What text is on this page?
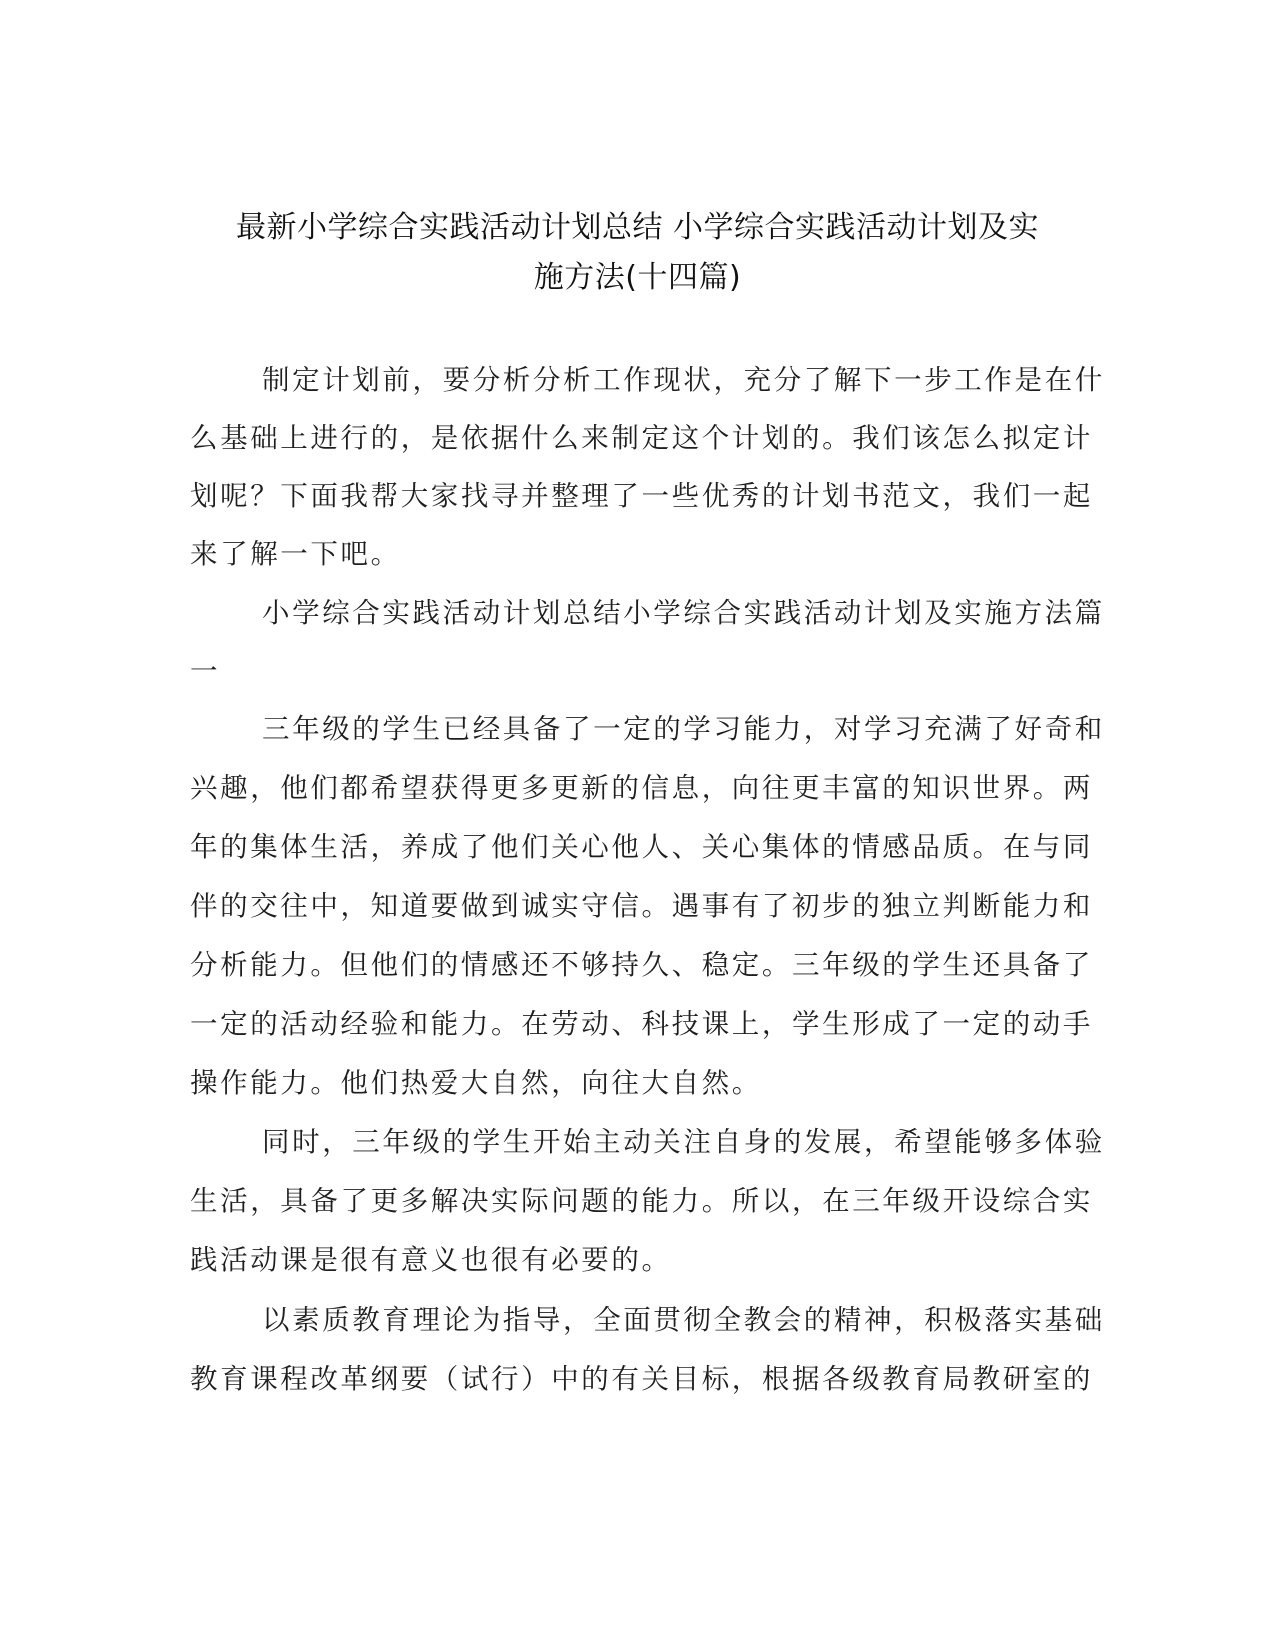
最新小学综合实践活动计划总结 小学综合实践活动计划及实
施方法(十四篇)
制定计划前，要分析分析工作现状，充分了解下一步工作是在什
么基础上进行的，是依据什么来制定这个计划的。我们该怎么拟定计
划呢？下面我帮大家找寻并整理了一些优秀的计划书范文，我们一起
来了解一下吧。
小学综合实践活动计划总结小学综合实践活动计划及实施方法篇
一
三年级的学生已经具备了一定的学习能力，对学习充满了好奇和
兴趣，他们都希望获得更多更新的信息，向往更丰富的知识世界。两
年的集体生活，养成了他们关心他人、关心集体的情感品质。在与同
伴的交往中，知道要做到诚实守信。遇事有了初步的独立判断能力和
分析能力。但他们的情感还不够持久、稳定。三年级的学生还具备了
一定的活动经验和能力。在劳动、科技课上，学生形成了一定的动手
操作能力。他们热爱大自然，向往大自然。
同时，三年级的学生开始主动关注自身的发展，希望能够多体验
生活，具备了更多解决实际问题的能力。所以，在三年级开设综合实
践活动课是很有意义也很有必要的。
以素质教育理论为指导，全面贯彻全教会的精神，积极落实基础
教育课程改革纲要（试行）中的有关目标，根据各级教育局教研室的
